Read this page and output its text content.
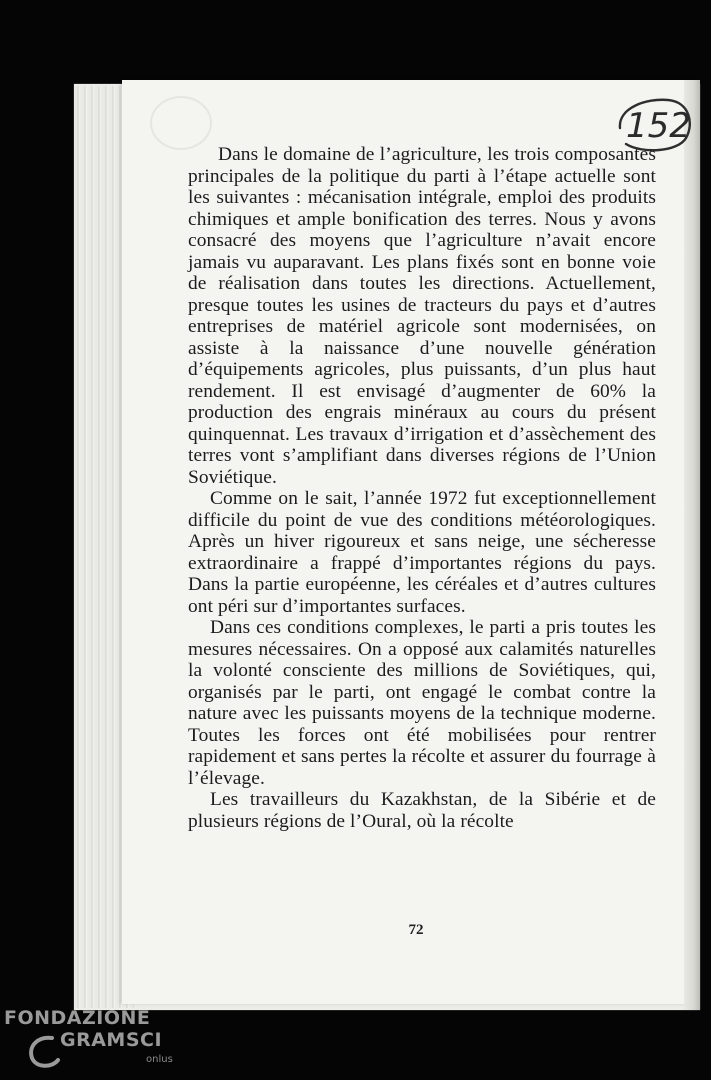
152

Dans le domaine de l’agriculture, les trois composantes principales de la politique du parti à l’étape actuelle sont les suivantes : mécanisation intégrale, emploi des produits chimiques et ample bonification des terres. Nous y avons consacré des moyens que l’agriculture n’avait encore jamais vu auparavant. Les plans fixés sont en bonne voie de réalisation dans toutes les directions. Actuellement, presque toutes les usines de tracteurs du pays et d’autres entreprises de matériel agricole sont modernisées, on assiste à la naissance d’une nouvelle génération d’équipements agricoles, plus puissants, d’un plus haut rendement. Il est envisagé d’augmenter de 60% la production des engrais minéraux au cours du présent quinquennat. Les travaux d’irrigation et d’assèchement des terres vont s’amplifiant dans diverses régions de l’Union Soviétique.

Comme on le sait, l’année 1972 fut exceptionnellement difficile du point de vue des conditions météorologiques. Après un hiver rigoureux et sans neige, une sécheresse extraordinaire a frappé d’importantes régions du pays. Dans la partie européenne, les céréales et d’autres cultures ont péri sur d’importantes surfaces.

Dans ces conditions complexes, le parti a pris toutes les mesures nécessaires. On a opposé aux calamités naturelles la volonté consciente des millions de Soviétiques, qui, organisés par le parti, ont engagé le combat contre la nature avec les puissants moyens de la technique moderne. Toutes les forces ont été mobilisées pour rentrer rapidement et sans pertes la récolte et assurer du fourrage à l’élevage.

Les travailleurs du Kazakhstan, de la Sibérie et de plusieurs régions de l’Oural, où la récolte

72
FONDAZIONE
GRAMSCI
onlus
